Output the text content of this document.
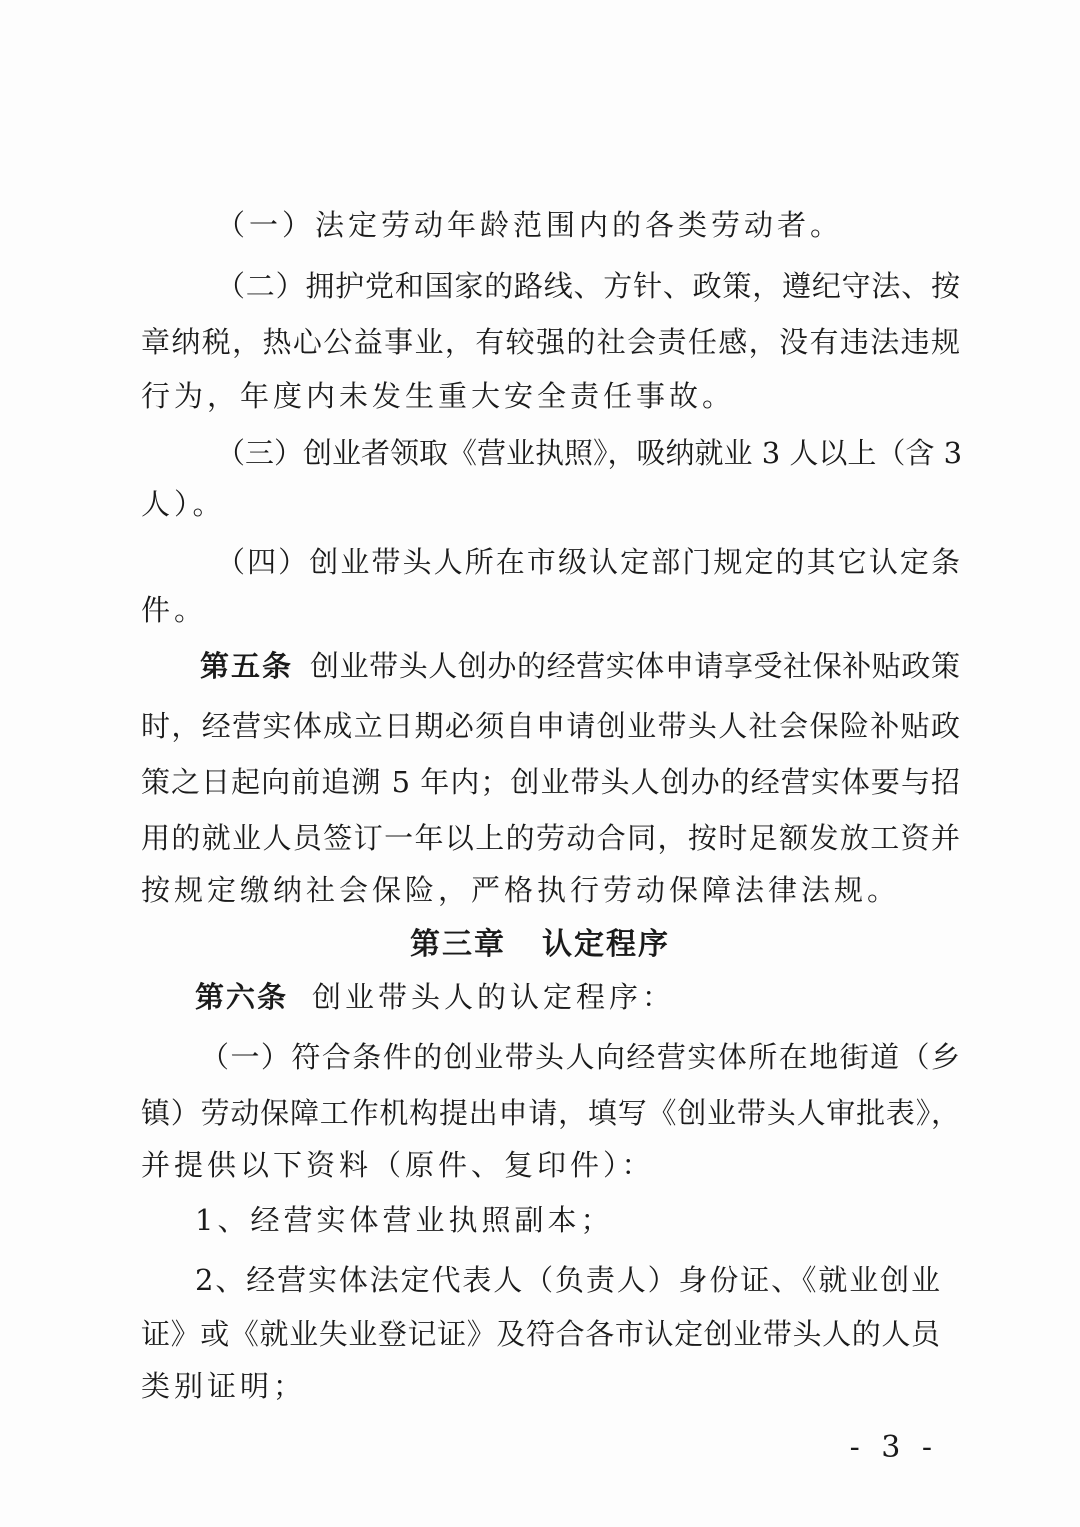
（一）法定劳动年龄范围内的各类劳动者。
（二）拥护党和国家的路线、方针、政策，遵纪守法、按
章纳税，热心公益事业，有较强的社会责任感，没有违法违规
行为，年度内未发生重大安全责任事故。
（三）创业者领取《营业执照》，吸纳就业 3 人以上（含 3
人）。
（四）创业带头人所在市级认定部门规定的其它认定条
件。
第五条 创业带头人创办的经营实体申请享受社保补贴政策
时，经营实体成立日期必须自申请创业带头人社会保险补贴政
策之日起向前追溯 5 年内；创业带头人创办的经营实体要与招
用的就业人员签订一年以上的劳动合同，按时足额发放工资并
按规定缴纳社会保险，严格执行劳动保障法律法规。
第三章 认定程序
第六条 创业带头人的认定程序：
（一）符合条件的创业带头人向经营实体所在地街道（乡
镇）劳动保障工作机构提出申请，填写《创业带头人审批表》，
并提供以下资料（原件、复印件）：
1、经营实体营业执照副本；
2、经营实体法定代表人（负责人）身份证、《就业创业
证》或《就业失业登记证》及符合各市认定创业带头人的人员
类别证明；
- 3 -
